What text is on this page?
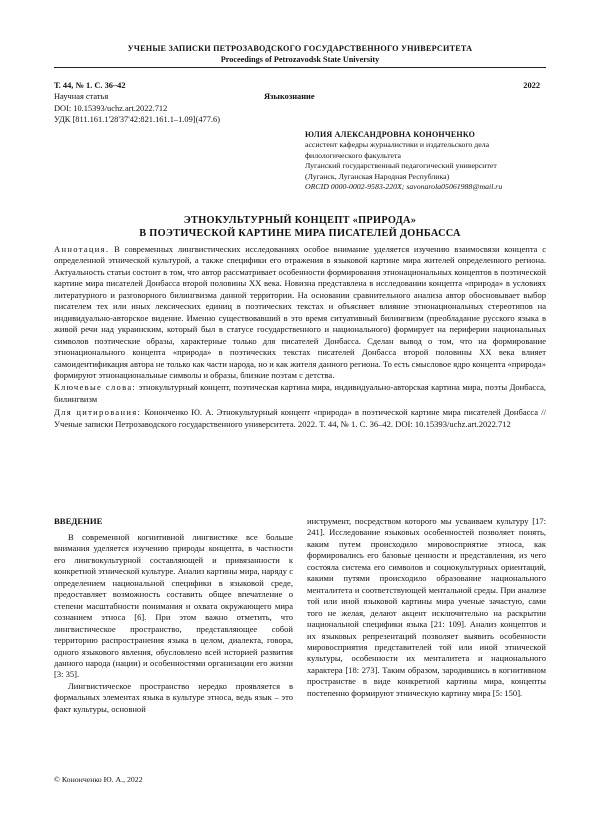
УЧЕНЫЕ ЗАПИСКИ ПЕТРОЗАВОДСКОГО ГОСУДАРСТВЕННОГО УНИВЕРСИТЕТА
Proceedings of Petrozavodsk State University
Т. 44, № 1. С. 36–42	2022
Научная статья	Языкознание
DOI: 10.15393/uchz.art.2022.712
УДК [811.161.1'28'37'42:821.161.1–1.09](477.6)
ЮЛИЯ АЛЕКСАНДРОВНА КОНОНЧЕНКО
ассистент кафедры журналистики и издательского дела
филологического факультета
Луганский государственный педагогический университет
(Луганск, Луганская Народная Республика)
ORCID 0000-0002-9583-220X; savonarola05061988@mail.ru
ЭТНОКУЛЬТУРНЫЙ КОНЦЕПТ «ПРИРОДА»
В ПОЭТИЧЕСКОЙ КАРТИНЕ МИРА ПИСАТЕЛЕЙ ДОНБАССА
Аннотация. В современных лингвистических исследованиях особое внимание уделяется изучению взаимосвязи концепта с определенной этнической культурой, а также специфики его отражения в языковой картине мира жителей определенного региона. Актуальность статьи состоит в том, что автор рассматривает особенности формирования этнонациональных концептов в поэтической картине мира писателей Донбасса второй половины XX века. Новизна представлена в исследовании концепта «природа» в условиях литературного и разговорного билингвизма данной территории. На основании сравнительного анализа автор обосновывает выбор писателем тех или иных лексических единиц в поэтических текстах и объясняет влияние этнонациональных стереотипов на индивидуально-авторское видение. Именно существовавший в это время ситуативный билингвизм (преобладание русского языка в живой речи над украинским, который был в статусе государственного и национального) формирует на периферии национальных символов поэтические образы, характерные только для писателей Донбасса. Сделан вывод о том, что на формирование этнонационального концепта «природа» в поэтических текстах писателей Донбасса второй половины XX века влияет самоидентификация автора не только как части народа, но и как жителя данного региона. То есть смысловое ядро концепта «природа» формируют этнонациональные символы и образы, близкие поэтам с детства.
Ключевые слова: этнокультурный концепт, поэтическая картина мира, индивидуально-авторская картина мира, поэты Донбасса, билингвизм
Для цитирования: Кононченко Ю. А. Этнокультурный концепт «природа» в поэтической картине мира писателей Донбасса // Ученые записки Петрозаводского государственного университета. 2022. Т. 44, № 1. С. 36–42. DOI: 10.15393/uchz.art.2022.712
ВВЕДЕНИЕ

В современной когнитивной лингвистике все больше внимания уделяется изучению природы концепта, в частности его лингвокультурной составляющей и привязанности к конкретной этнической культуре. Анализ картины мира, наряду с определением национальной специфики в языковой среде, предоставляет возможность составить общее впечатление о степени масштабности понимания и охвата окружающего мира сознанием этноса [6]. При этом важно отметить, что лингвистическое пространство, представляющее собой территорию распространения языка в целом, диалекта, говора, одного языкового явления, обусловлено всей историей развития данного народа (нации) и особенностями организации его жизни [3: 35].

Лингвистическое пространство нередко проявляется в формальных элементах языка в культуре этноса, ведь язык – это факт культуры, основной

инструмент, посредством которого мы усваиваем культуру [17: 241]. Исследование языковых особенностей позволяет понять, каким путем происходило мировосприятие этноса, как формировались его базовые ценности и представления, из чего состояла система его символов и социокультурных ориентаций, какими путями происходило образование национального менталитета и соответствующей ментальной среды. При анализе той или иной языковой картины мира ученые зачастую, сами того не желая, делают акцент исключительно на раскрытии национальной специфики языка [21: 109]. Анализ концептов и их языковых репрезентаций позволяет выявить особенности мировосприятия представителей той или иной этнической культуры, особенности их менталитета и национального характера [18: 273]. Таким образом, зародившись в когнитивном пространстве в виде конкретной картины мира, концепты постепенно формируют этническую картину мира [5: 150].

© Кононченко Ю. А., 2022
